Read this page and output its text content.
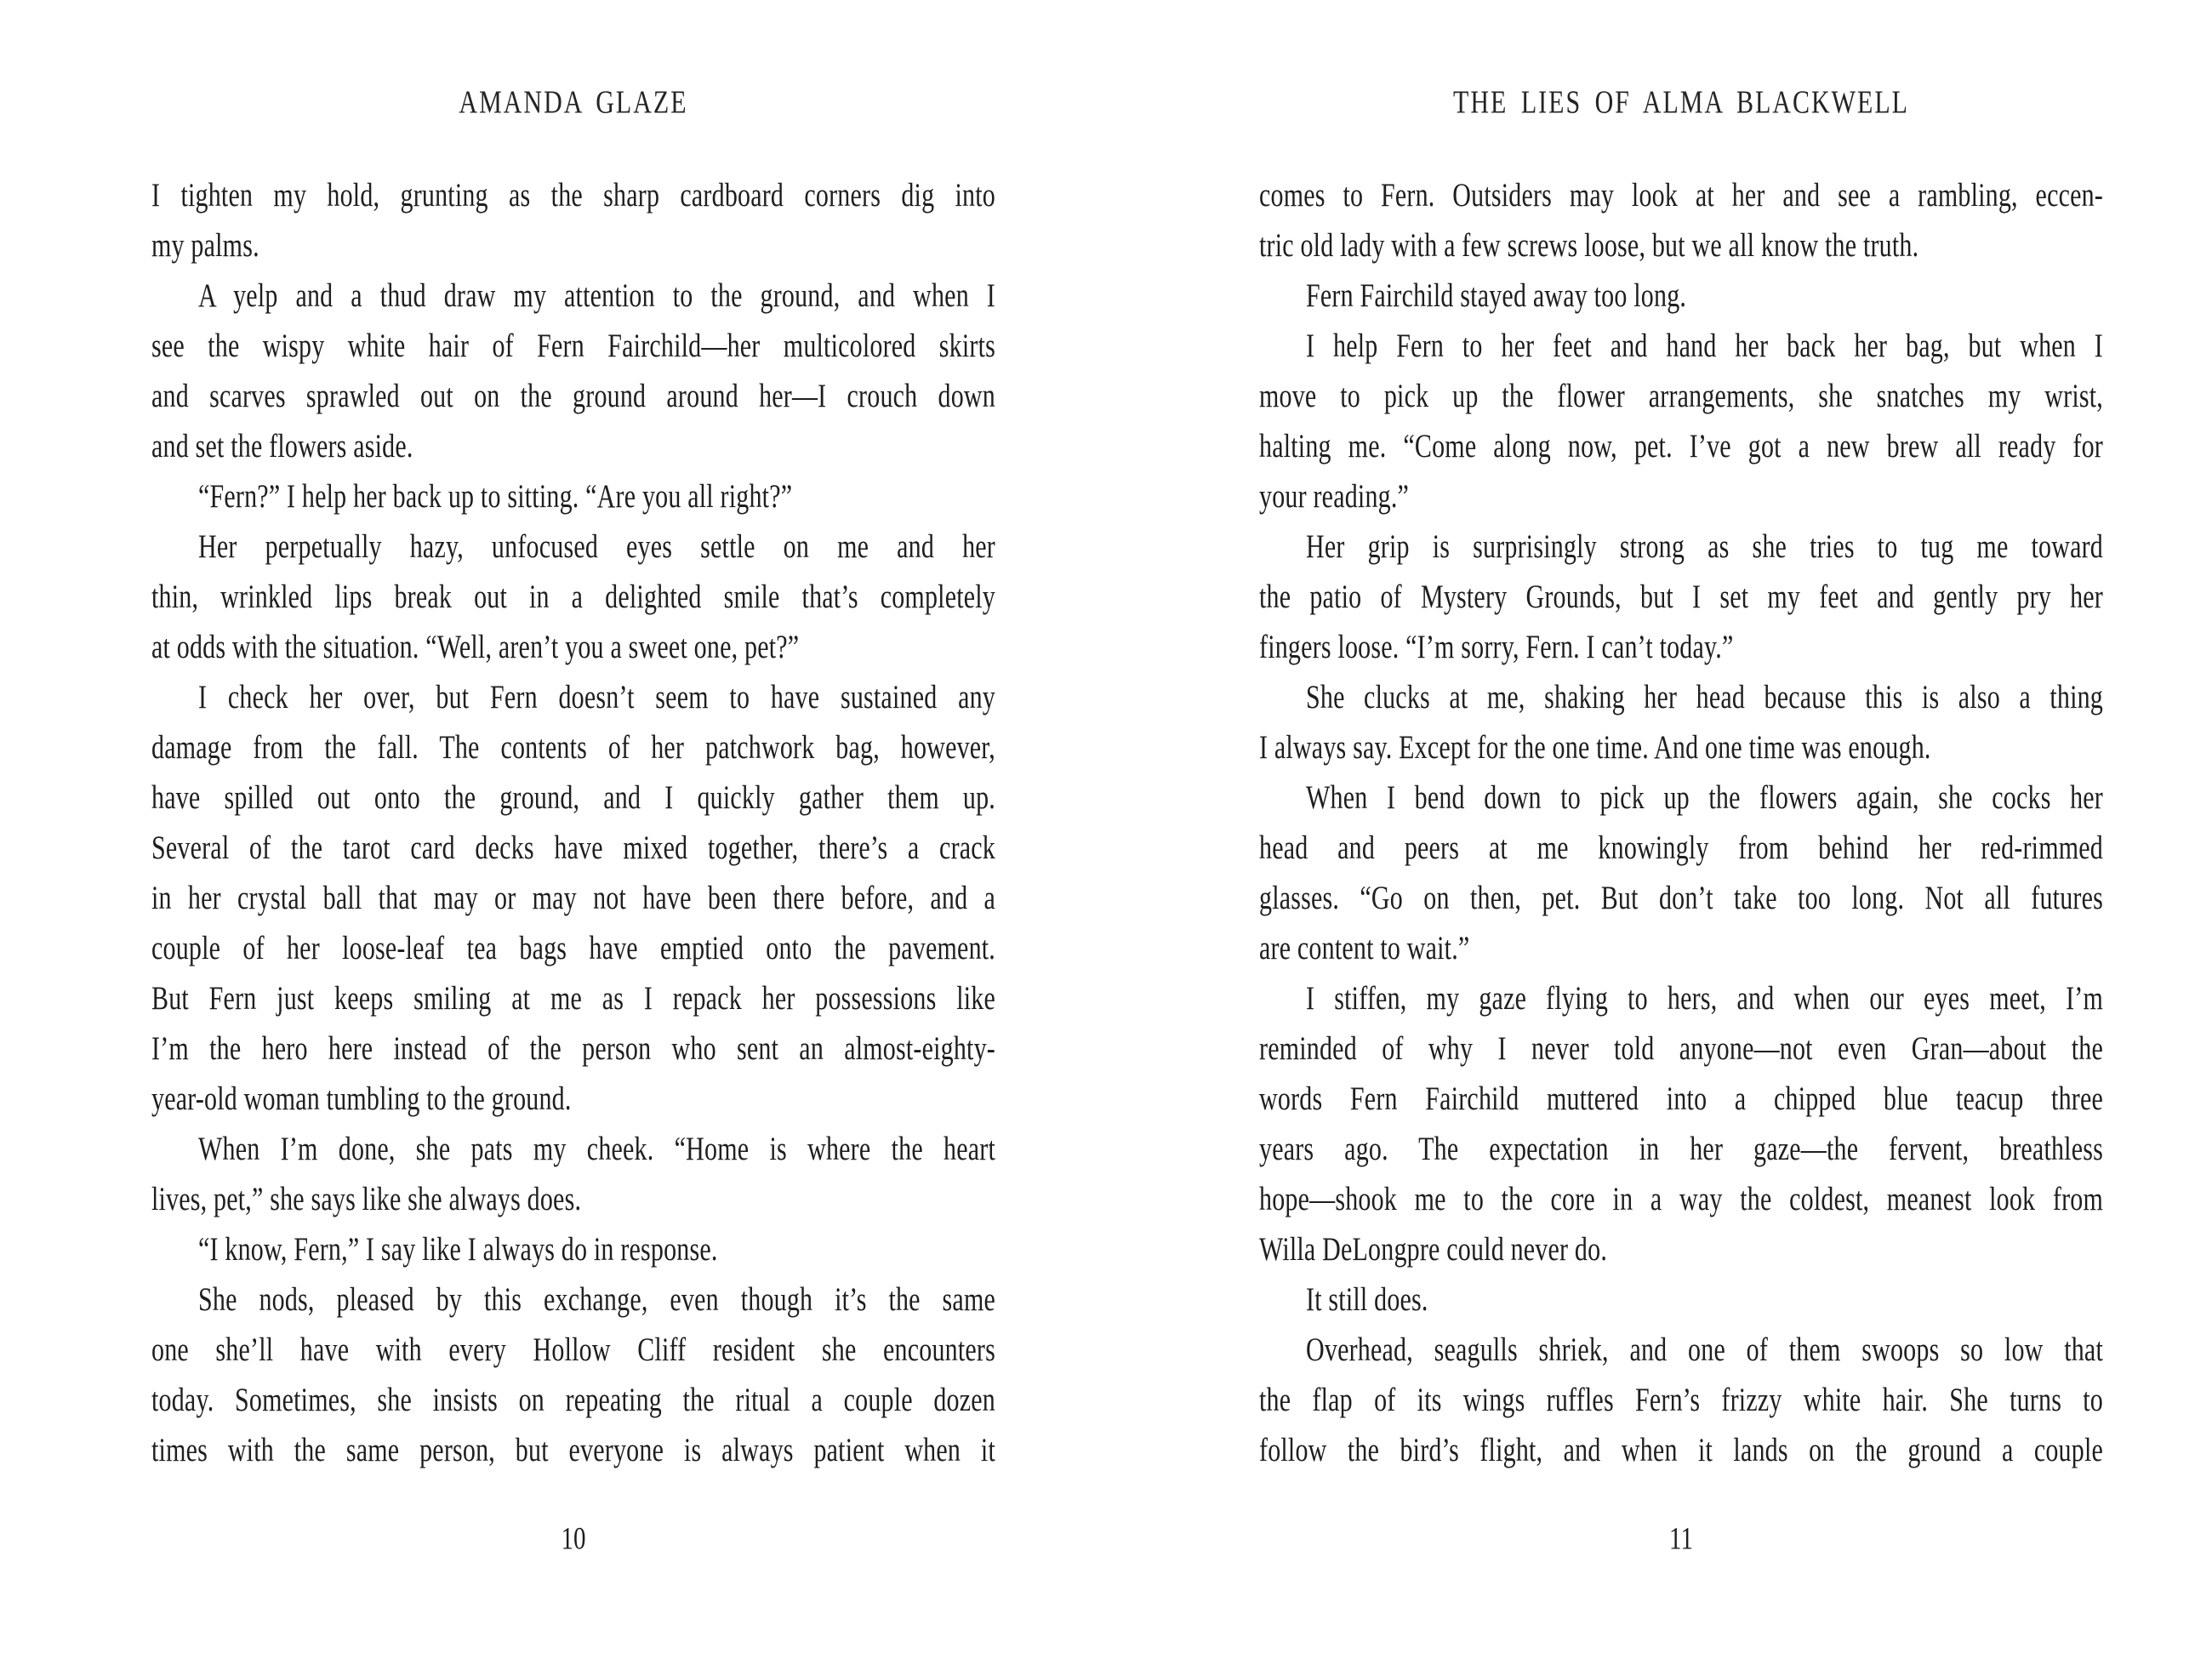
AMANDA GLAZE
I tighten my hold, grunting as the sharp cardboard corners dig into
my palms.
A yelp and a thud draw my attention to the ground, and when I
see the wispy white hair of Fern Fairchild—her multicolored skirts
and scarves sprawled out on the ground around her—I crouch down
and set the flowers aside.
“Fern?” I help her back up to sitting. “Are you all right?”
Her perpetually hazy, unfocused eyes settle on me and her
thin, wrinkled lips break out in a delighted smile that’s completely
at odds with the situation. “Well, aren’t you a sweet one, pet?”
I check her over, but Fern doesn’t seem to have sustained any
damage from the fall. The contents of her patchwork bag, however,
have spilled out onto the ground, and I quickly gather them up.
Several of the tarot card decks have mixed together, there’s a crack
in her crystal ball that may or may not have been there before, and a
couple of her loose-leaf tea bags have emptied onto the pavement.
But Fern just keeps smiling at me as I repack her possessions like
I’m the hero here instead of the person who sent an almost-eighty-
year-old woman tumbling to the ground.
When I’m done, she pats my cheek. “Home is where the heart
lives, pet,” she says like she always does.
“I know, Fern,” I say like I always do in response.
She nods, pleased by this exchange, even though it’s the same
one she’ll have with every Hollow Cliff resident she encounters
today. Sometimes, she insists on repeating the ritual a couple dozen
times with the same person, but everyone is always patient when it
10
THE LIES OF ALMA BLACKWELL
comes to Fern. Outsiders may look at her and see a rambling, eccen-
tric old lady with a few screws loose, but we all know the truth.
Fern Fairchild stayed away too long.
I help Fern to her feet and hand her back her bag, but when I
move to pick up the flower arrangements, she snatches my wrist,
halting me. “Come along now, pet. I’ve got a new brew all ready for
your reading.”
Her grip is surprisingly strong as she tries to tug me toward
the patio of Mystery Grounds, but I set my feet and gently pry her
fingers loose. “I’m sorry, Fern. I can’t today.”
She clucks at me, shaking her head because this is also a thing
I always say. Except for the one time. And one time was enough.
When I bend down to pick up the flowers again, she cocks her
head and peers at me knowingly from behind her red-rimmed
glasses. “Go on then, pet. But don’t take too long. Not all futures
are content to wait.”
I stiffen, my gaze flying to hers, and when our eyes meet, I’m
reminded of why I never told anyone—not even Gran—about the
words Fern Fairchild muttered into a chipped blue teacup three
years ago. The expectation in her gaze—the fervent, breathless
hope—shook me to the core in a way the coldest, meanest look from
Willa DeLongpre could never do.
It still does.
Overhead, seagulls shriek, and one of them swoops so low that
the flap of its wings ruffles Fern’s frizzy white hair. She turns to
follow the bird’s flight, and when it lands on the ground a couple
11
